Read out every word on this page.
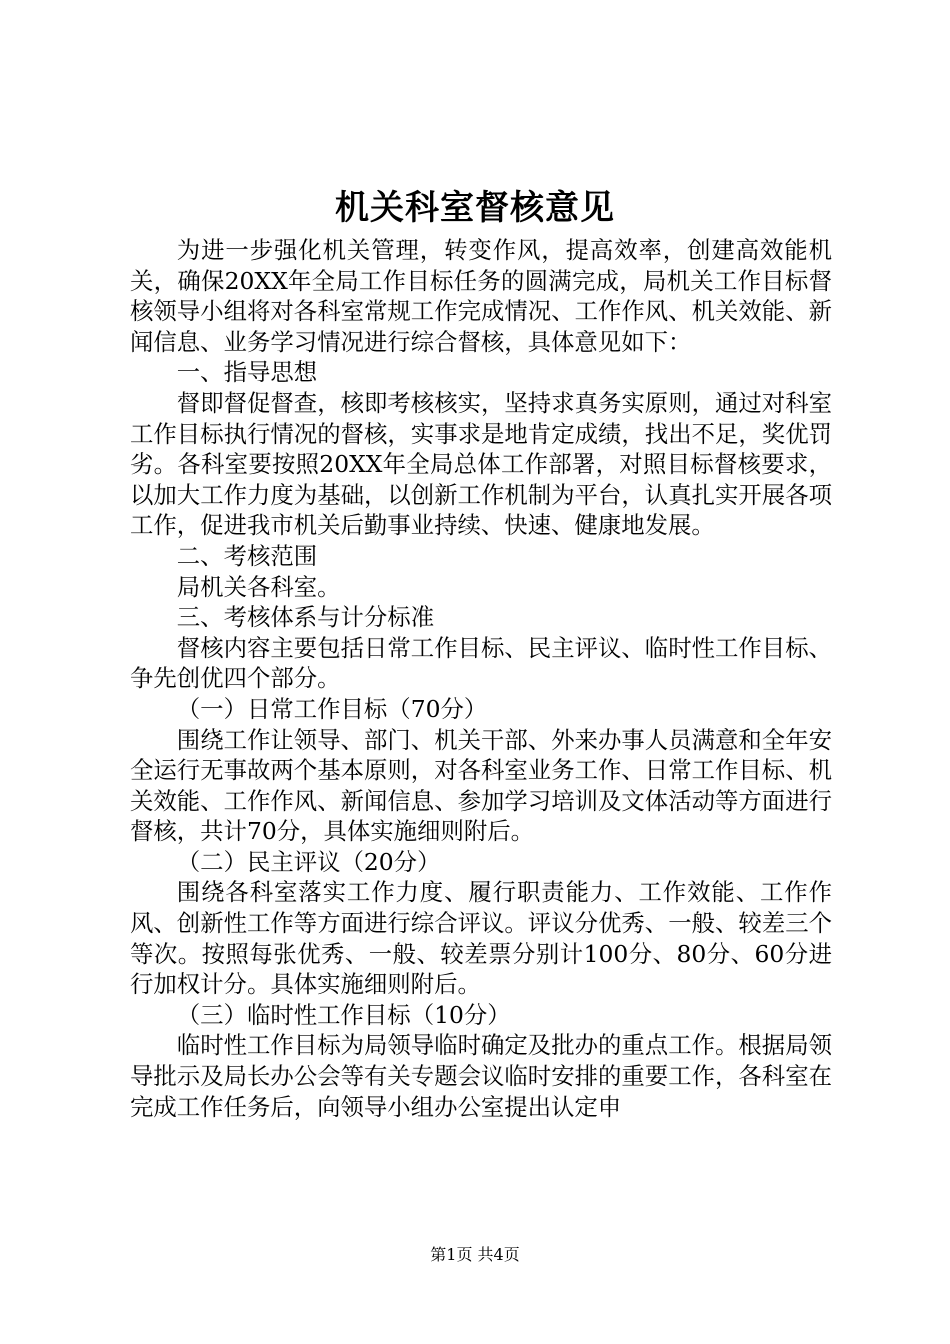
机关科室督核意见

为进一步强化机关管理，转变作风，提高效率，创建高效能机关，确保20XX年全局工作目标任务的圆满完成，局机关工作目标督核领导小组将对各科室常规工作完成情况、工作作风、机关效能、新闻信息、业务学习情况进行综合督核，具体意见如下：

一、指导思想

督即督促督查，核即考核核实，坚持求真务实原则，通过对科室工作目标执行情况的督核，实事求是地肯定成绩，找出不足，奖优罚劣。各科室要按照20XX年全局总体工作部署，对照目标督核要求，以加大工作力度为基础，以创新工作机制为平台，认真扎实开展各项工作，促进我市机关后勤事业持续、快速、健康地发展。

二、考核范围

局机关各科室。

三、考核体系与计分标准

督核内容主要包括日常工作目标、民主评议、临时性工作目标、争先创优四个部分。

（一）日常工作目标（70分）

围绕工作让领导、部门、机关干部、外来办事人员满意和全年安全运行无事故两个基本原则，对各科室业务工作、日常工作目标、机关效能、工作作风、新闻信息、参加学习培训及文体活动等方面进行督核，共计70分，具体实施细则附后。

（二）民主评议（20分）

围绕各科室落实工作力度、履行职责能力、工作效能、工作作风、创新性工作等方面进行综合评议。评议分优秀、一般、较差三个等次。按照每张优秀、一般、较差票分别计100分、80分、60分进行加权计分。具体实施细则附后。

（三）临时性工作目标（10分）

临时性工作目标为局领导临时确定及批办的重点工作。根据局领导批示及局长办公会等有关专题会议临时安排的重要工作，各科室在完成工作任务后，向领导小组办公室提出认定申

第1页 共4页
